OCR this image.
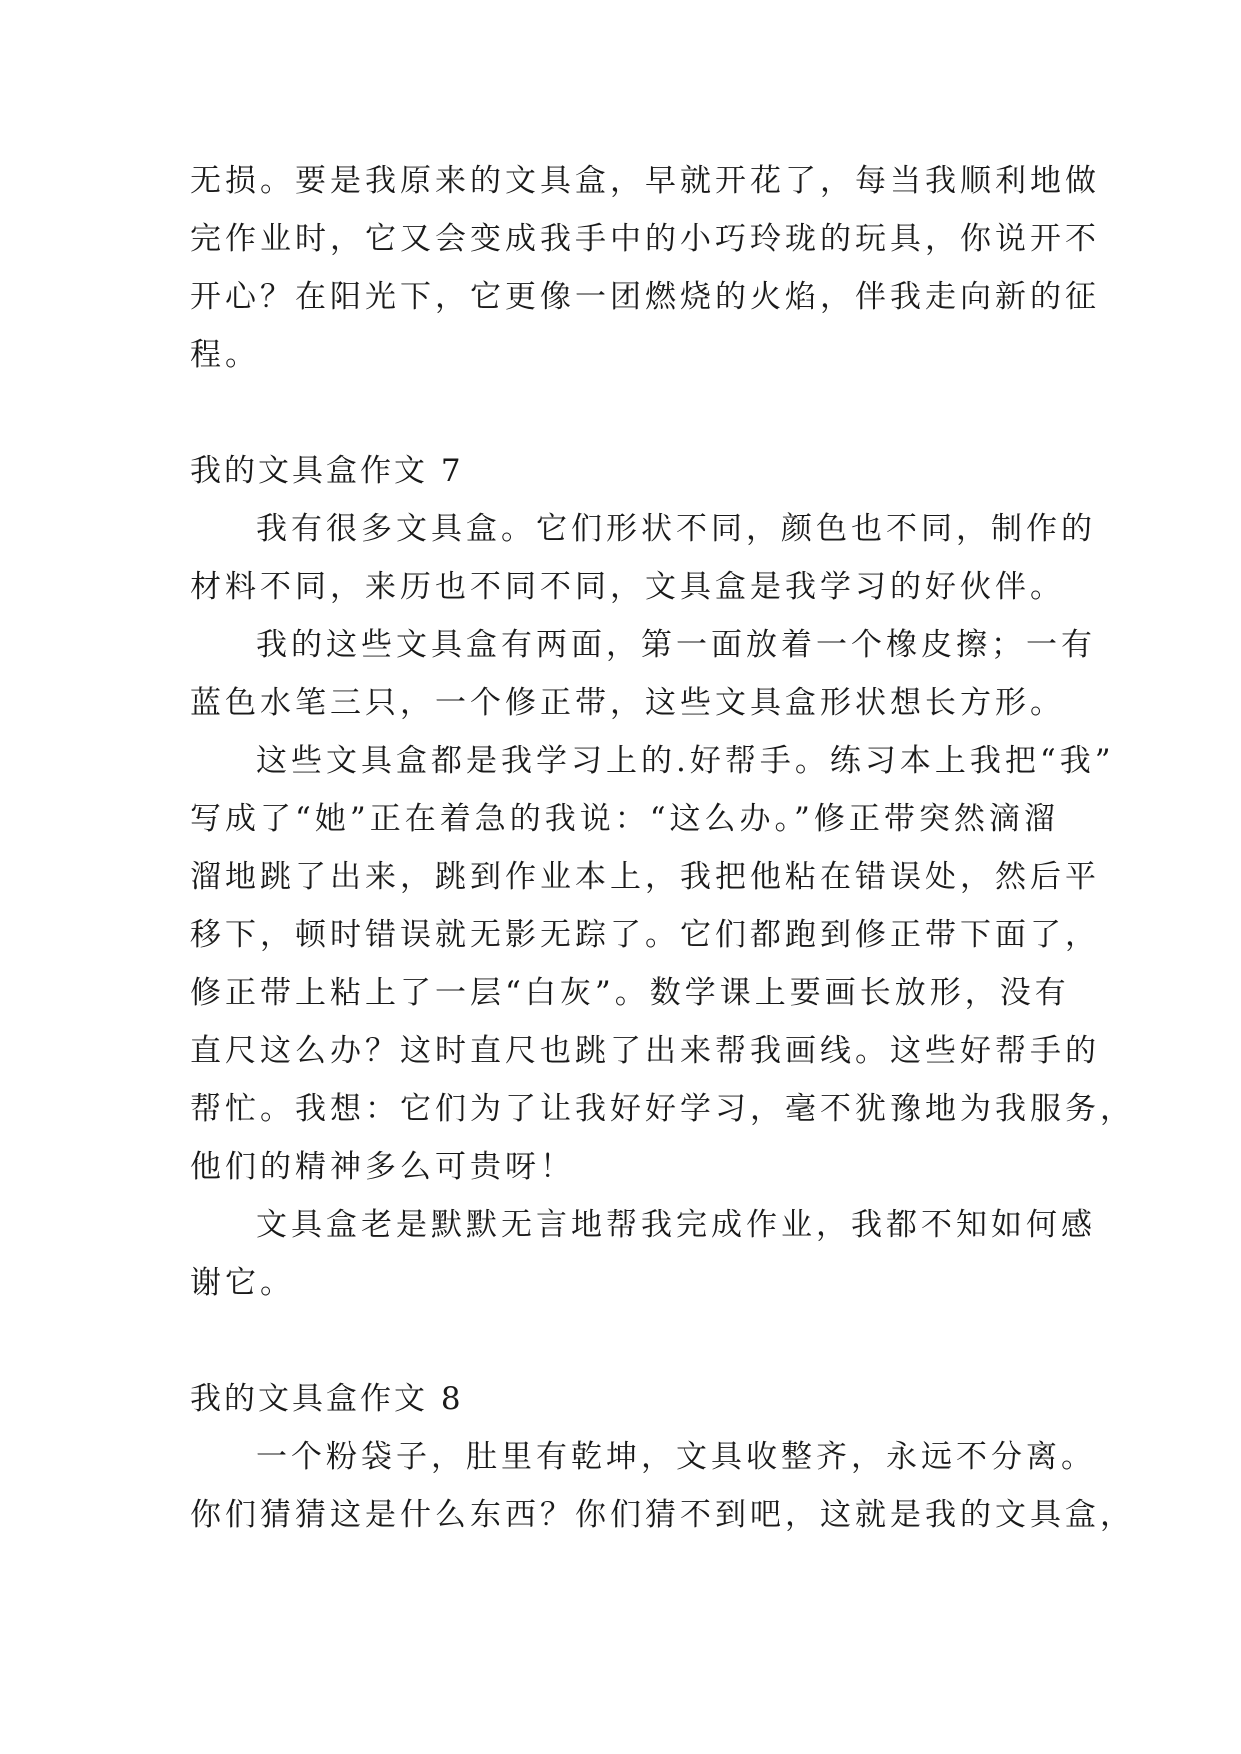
无损。要是我原来的文具盒，早就开花了，每当我顺利地做
完作业时，它又会变成我手中的小巧玲珑的玩具，你说开不
开心？在阳光下，它更像一团燃烧的火焰，伴我走向新的征
程。
我的文具盒作文 7
我有很多文具盒。它们形状不同，颜色也不同，制作的
材料不同，来历也不同不同，文具盒是我学习的好伙伴。
我的这些文具盒有两面，第一面放着一个橡皮擦；一有
蓝色水笔三只，一个修正带，这些文具盒形状想长方形。
这些文具盒都是我学习上的.好帮手。练习本上我把“我”
写成了“她”正在着急的我说：“这么办。”修正带突然滴溜
溜地跳了出来，跳到作业本上，我把他粘在错误处，然后平
移下，顿时错误就无影无踪了。它们都跑到修正带下面了，
修正带上粘上了一层“白灰”。数学课上要画长放形，没有
直尺这么办？这时直尺也跳了出来帮我画线。这些好帮手的
帮忙。我想：它们为了让我好好学习，毫不犹豫地为我服务，
他们的精神多么可贵呀！
文具盒老是默默无言地帮我完成作业，我都不知如何感
谢它。
我的文具盒作文 8
一个粉袋子，肚里有乾坤，文具收整齐，永远不分离。
你们猜猜这是什么东西？你们猜不到吧，这就是我的文具盒，
